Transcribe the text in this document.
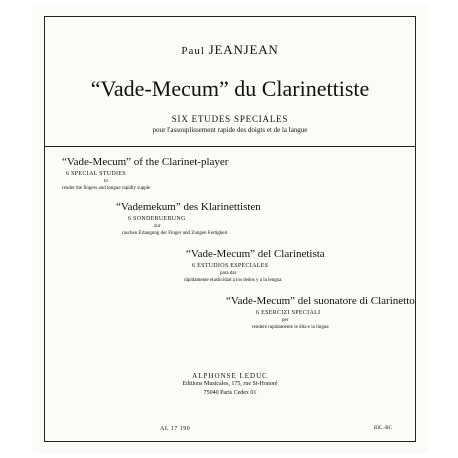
Paul JEANJEAN
“Vade-Mecum” du Clarinettiste
SIX ETUDES SPECIALES
pour l'assouplissement rapide des doigts et de la langue
“Vade-Mecum” of the Clarinet-player
6 SPECIAL STUDIES
to
render the fingers and tongue rapidly supple
“Vademekum” des Klarinettisten
6 SONDERUEBUNG
zur
raschen Erlangung der Finger und Zungen Fertigkeit
“Vade-Mecum” del Clarinetista
6 ESTUDIOS ESPECIALES
para dar
rápidamente elasticidad a los dedos y a la lengua
“Vade-Mecum” del suonatore di Clarinetto
6 ESERCIZI SPECIALI
per
rendere rapidamente le dita e la lingua
ALPHONSE LEDUC
Editions Musicales, 175, rue St-Honoré
75040 Paris Cedex 01
AL 17 190	RIC.-BC
